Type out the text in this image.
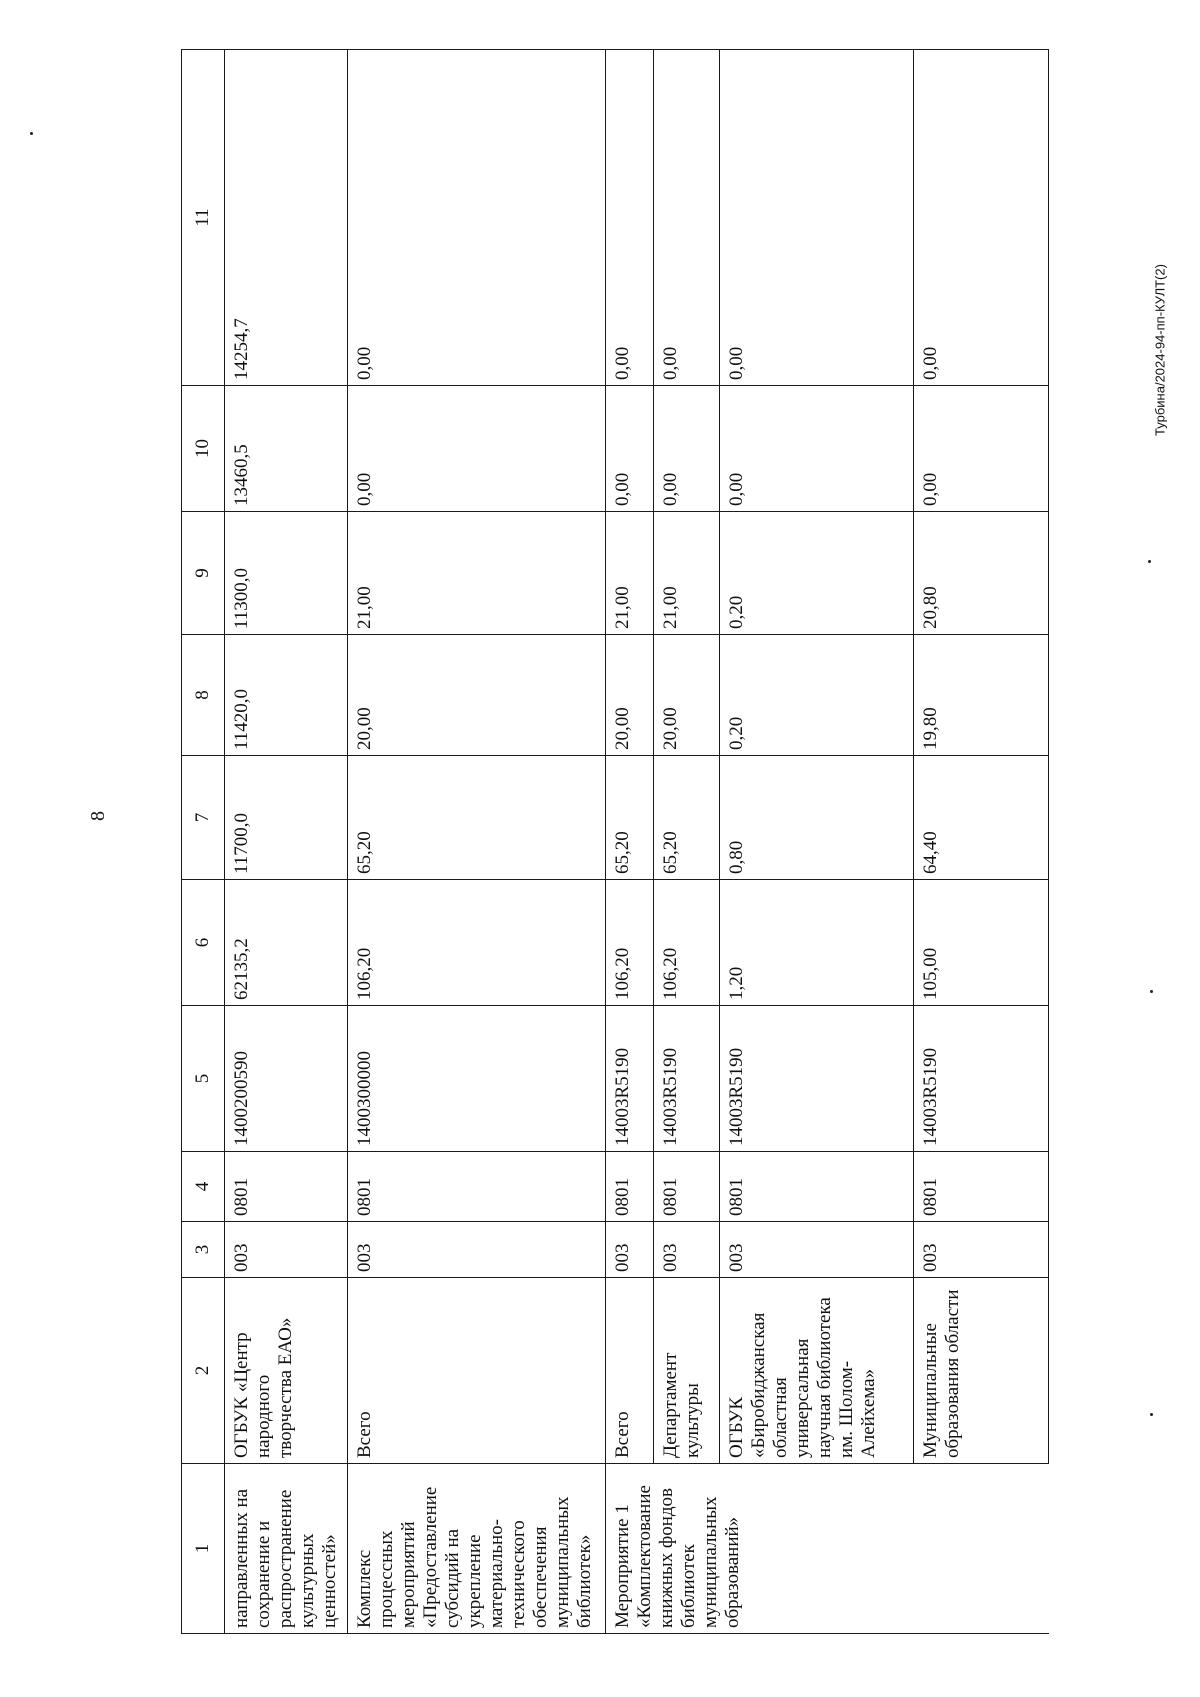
8
Турбина/2024-94-пп-КУЛТ(2)
1	2	3	4	5	6	7	8	9	10	11
направленных на сохранение и распространение культурных ценностей»	ОГБУК «Центр народного творчества ЕАО»	003	0801	1400200590	62135,2	11700,0	11420,0	11300,0	13460,5	14254,7
Комплекс процессных мероприятий «Предоставление субсидий на укрепление материально-технического обеспечения муниципальных библиотек»	Всего	003	0801	1400300000	106,20	65,20	20,00	21,00	0,00	0,00
Мероприятие 1 «Комплектование книжных фондов библиотек муниципальных образований»	Всего	003	0801	14003R5190	106,20	65,20	20,00	21,00	0,00	0,00
	Департамент культуры	003	0801	14003R5190	106,20	65,20	20,00	21,00	0,00	0,00
	ОГБУК «Биробиджанская областная универсальная научная библиотека им. Шолом-Алейхема»	003	0801	14003R5190	1,20	0,80	0,20	0,20	0,00	0,00
	Муниципальные образования области	003	0801	14003R5190	105,00	64,40	19,80	20,80	0,00	0,00
